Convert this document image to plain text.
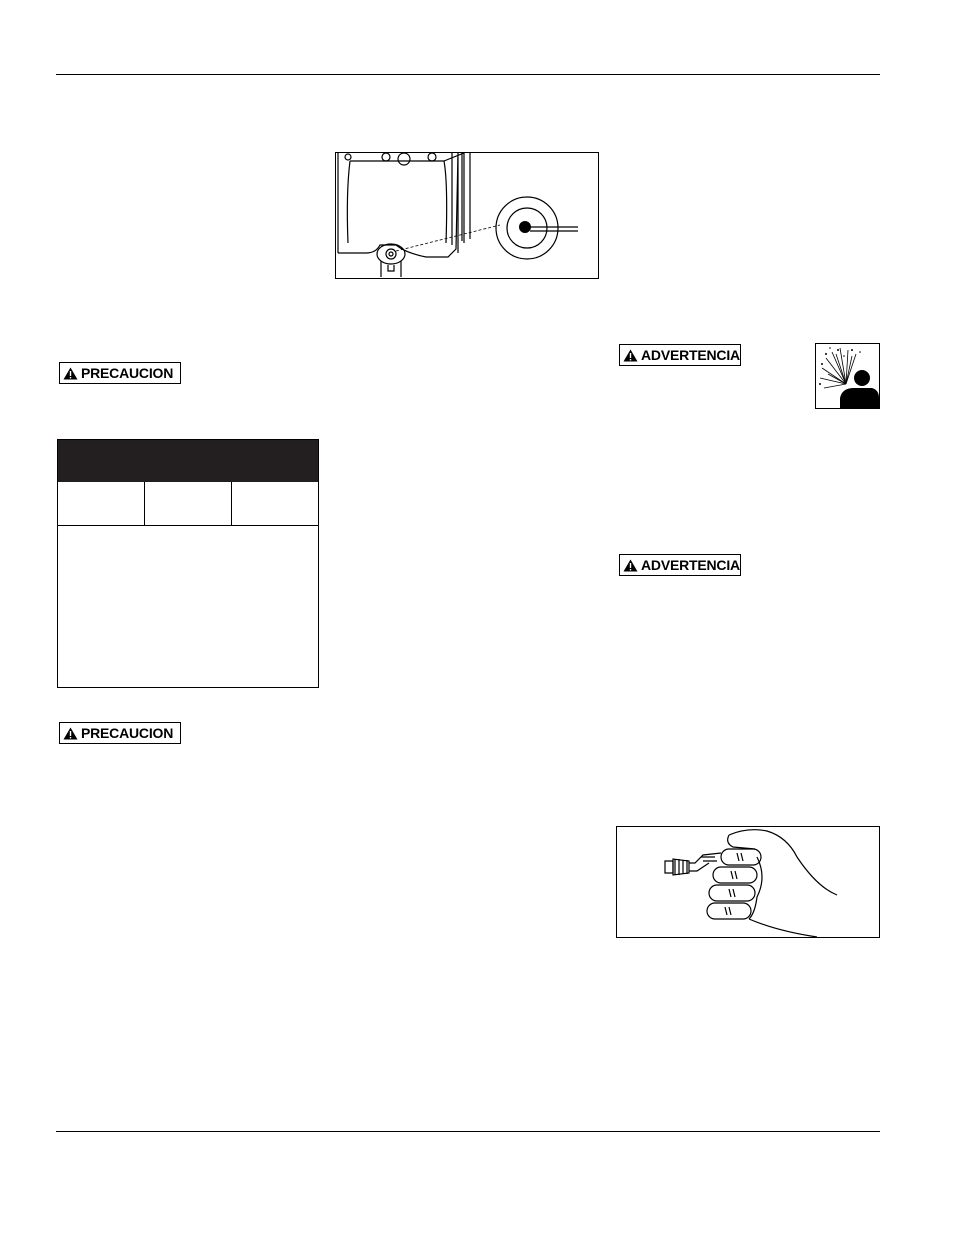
PRECAUCION
PRECAUCION
ADVERTENCIA
ADVERTENCIA
